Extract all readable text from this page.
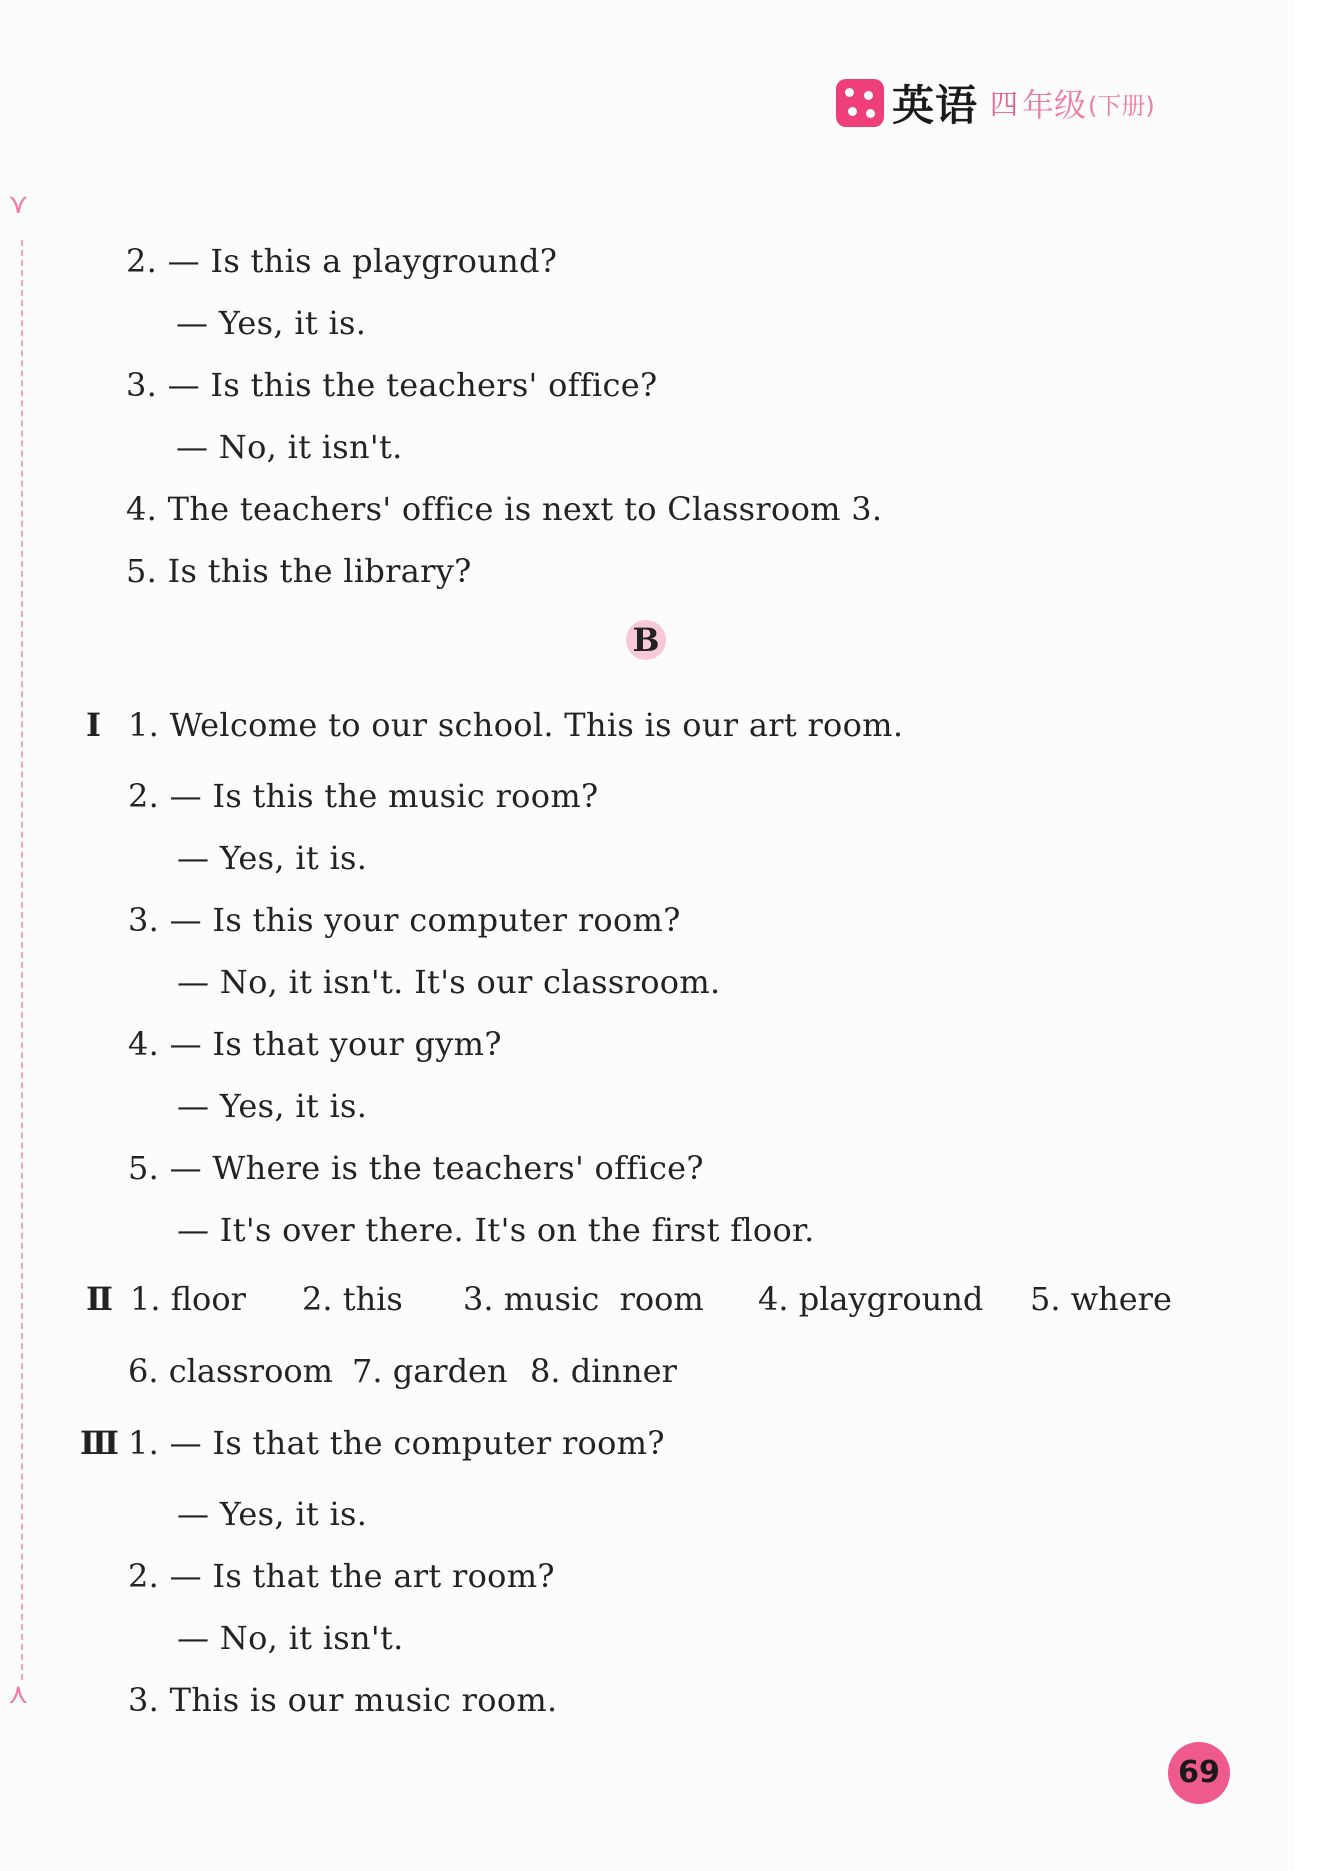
英语 四 年级 (下册)
⋎
⋏
2. — Is this a playground?
— Yes, it is.
3. — Is this the teachers' office?
— No, it isn't.
4. The teachers' office is next to Classroom 3.
5. Is this the library?
B
Ⅰ 1. Welcome to our school. This is our art room.
2. — Is this the music room?
— Yes, it is.
3. — Is this your computer room?
— No, it isn't. It's our classroom.
4. — Is that your gym?
— Yes, it is.
5. — Where is the teachers' office?
— It's over there. It's on the first floor.
Ⅱ 1. floor 2. this 3. music  room 4. playground 5. where
6. classroom 7. garden 8. dinner
Ⅲ 1. — Is that the computer room?
— Yes, it is.
2. — Is that the art room?
— No, it isn't.
3. This is our music room.
69
